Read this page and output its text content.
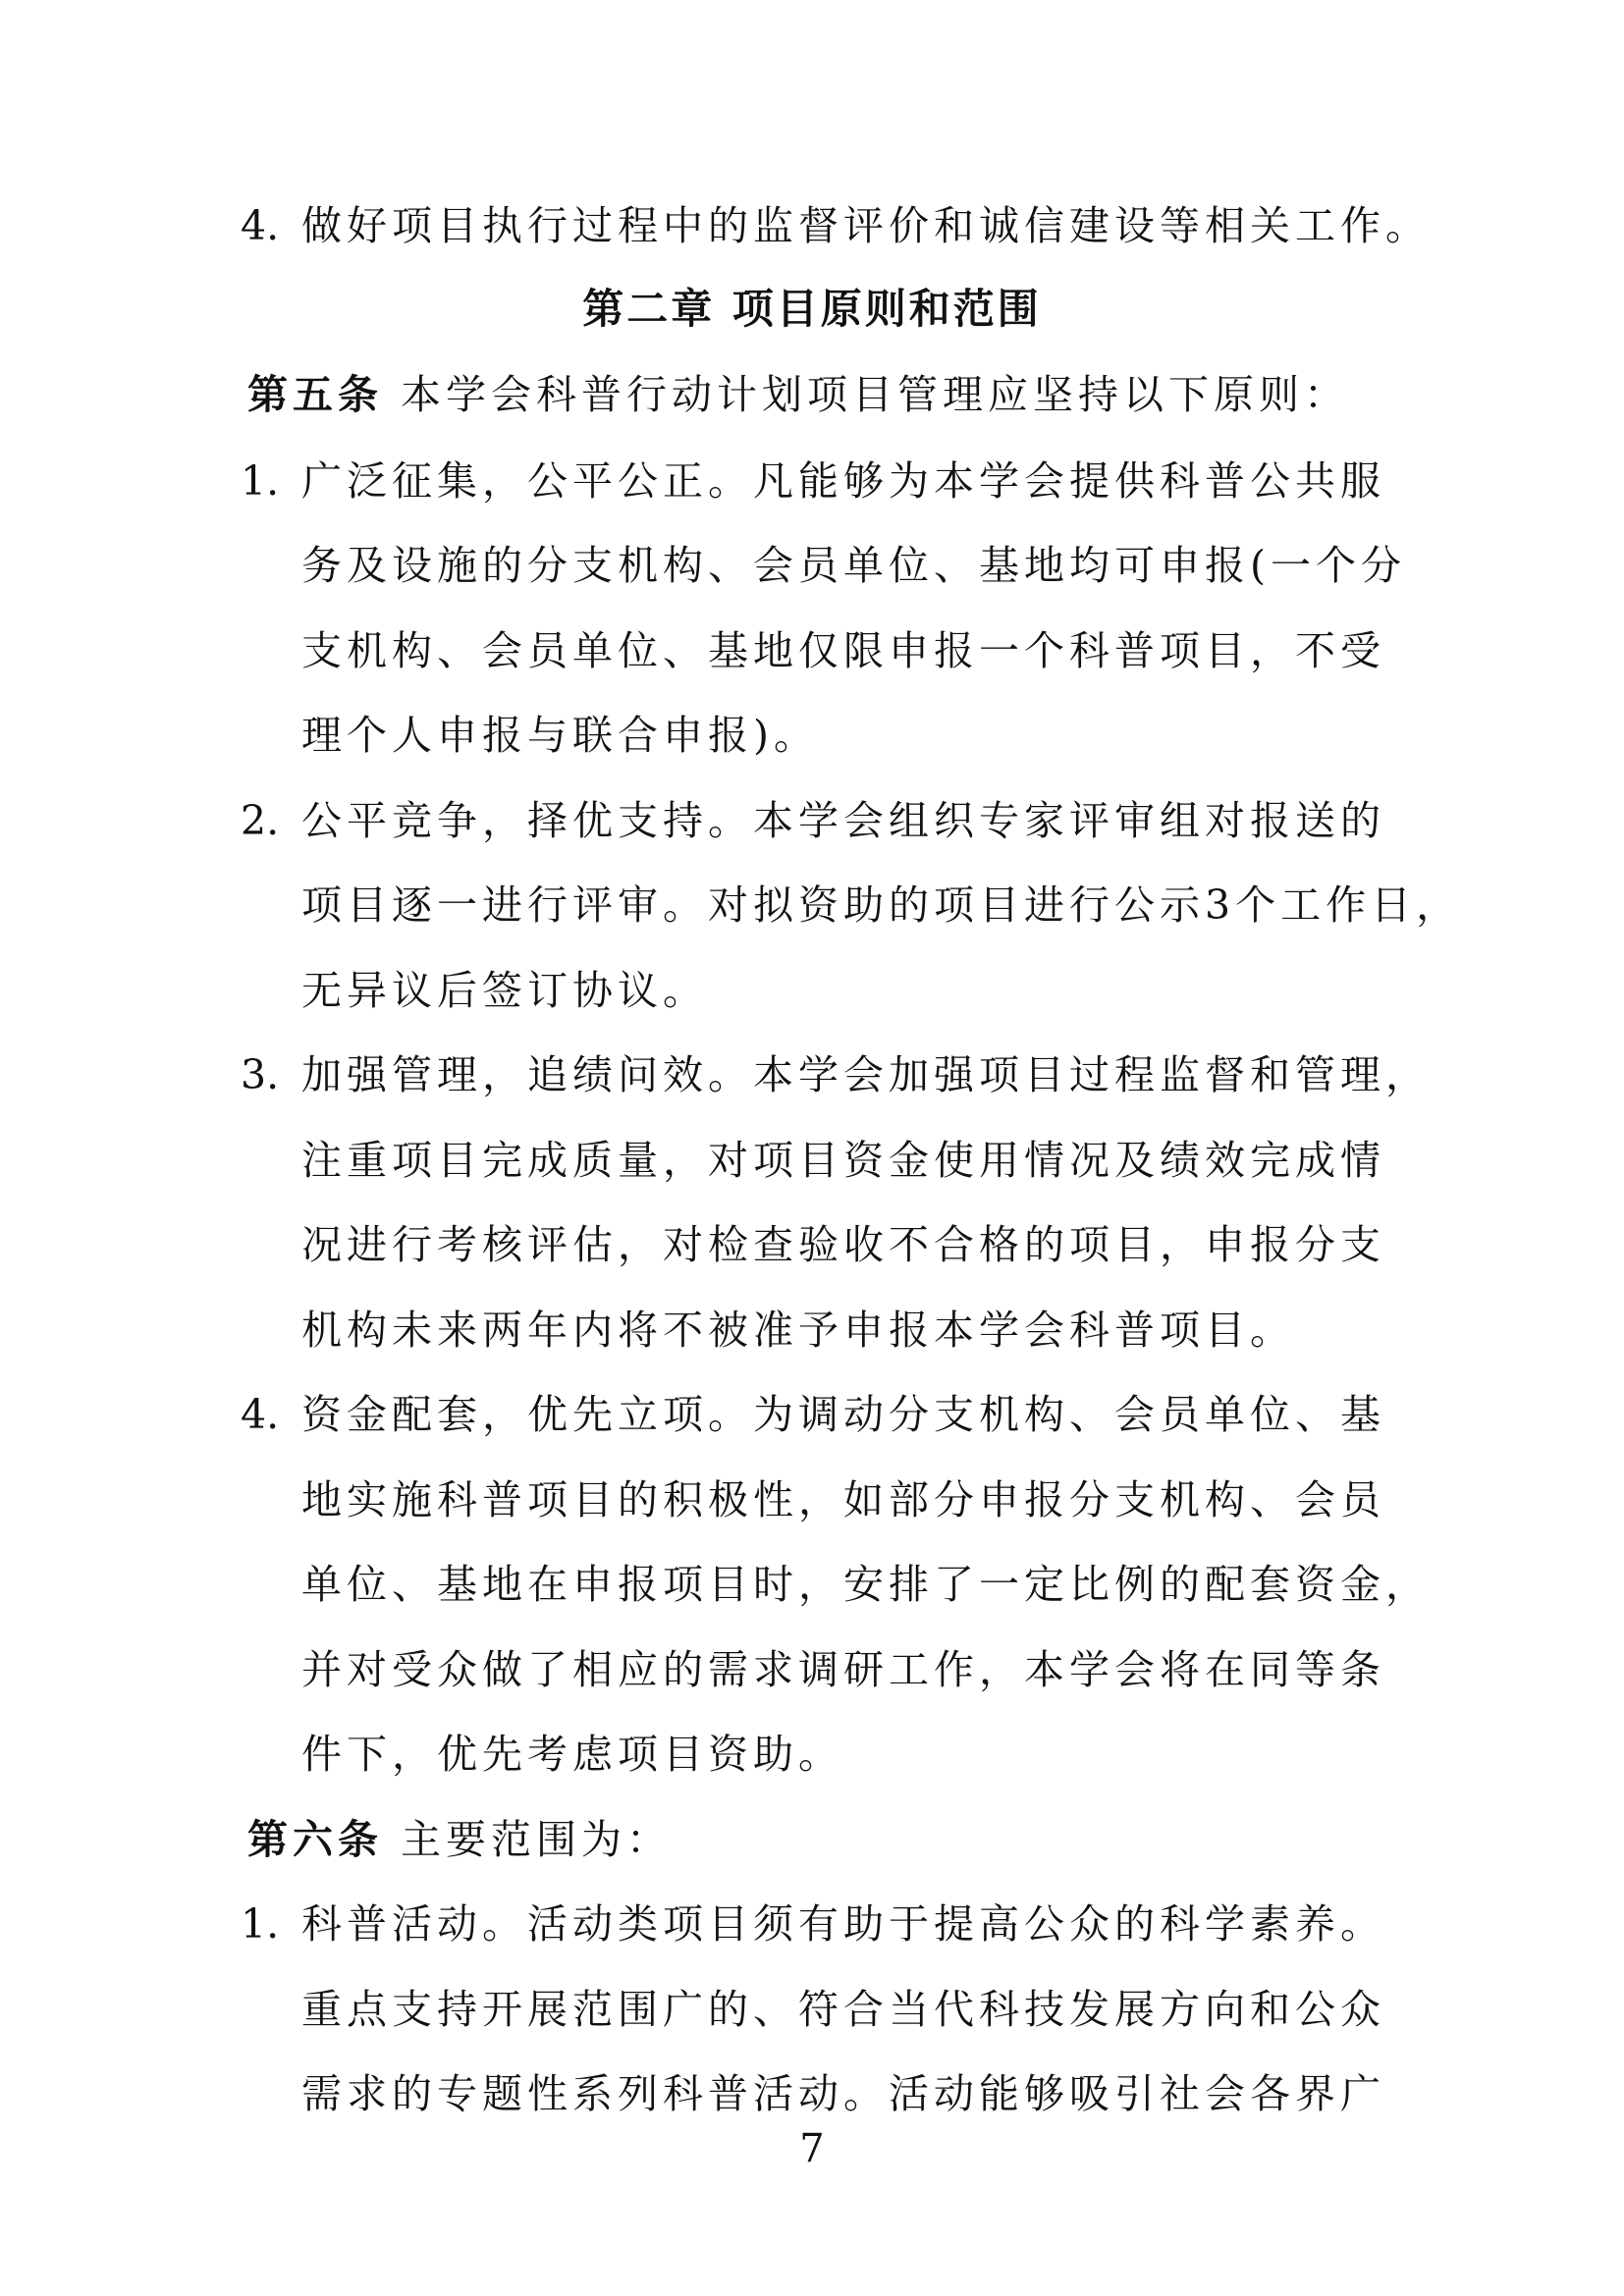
4. 做好项目执行过程中的监督评价和诚信建设等相关工作。
第二章 项目原则和范围
第五条 本学会科普行动计划项目管理应坚持以下原则：
1. 广泛征集，公平公正。凡能够为本学会提供科普公共服
务及设施的分支机构、会员单位、基地均可申报(一个分
支机构、会员单位、基地仅限申报一个科普项目，不受
理个人申报与联合申报)。
2. 公平竞争，择优支持。本学会组织专家评审组对报送的
项目逐一进行评审。对拟资助的项目进行公示3个工作日，
无异议后签订协议。
3. 加强管理，追绩问效。本学会加强项目过程监督和管理，
注重项目完成质量，对项目资金使用情况及绩效完成情
况进行考核评估，对检查验收不合格的项目，申报分支
机构未来两年内将不被准予申报本学会科普项目。
4. 资金配套，优先立项。为调动分支机构、会员单位、基
地实施科普项目的积极性，如部分申报分支机构、会员
单位、基地在申报项目时，安排了一定比例的配套资金，
并对受众做了相应的需求调研工作，本学会将在同等条
件下，优先考虑项目资助。
第六条 主要范围为：
1. 科普活动。活动类项目须有助于提高公众的科学素养。
重点支持开展范围广的、符合当代科技发展方向和公众
需求的专题性系列科普活动。活动能够吸引社会各界广
7
